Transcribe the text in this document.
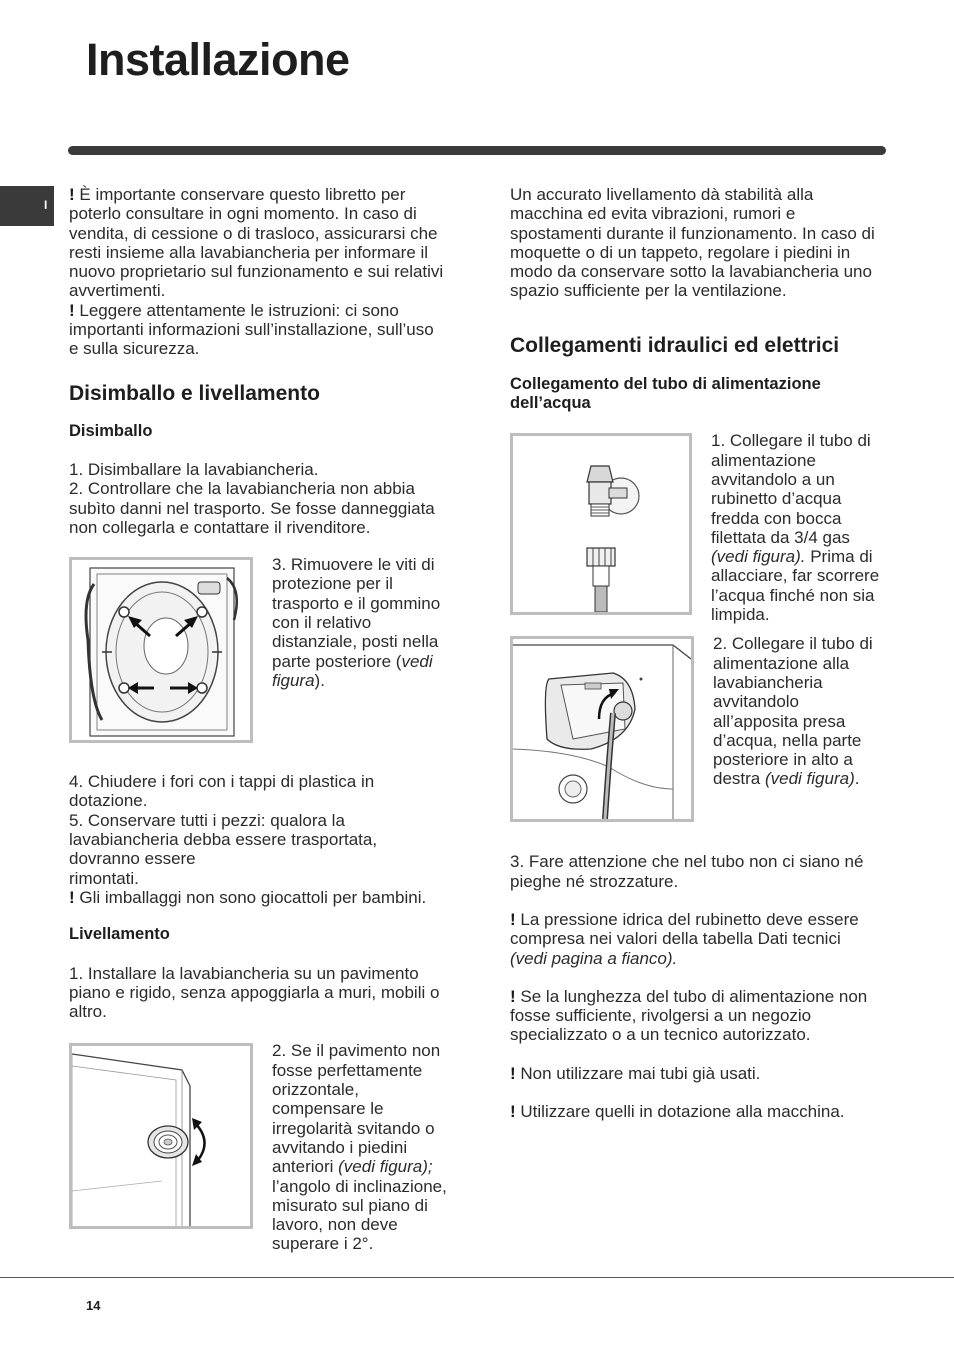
Installazione
I

! È importante conservare questo libretto per poterlo consultare in ogni momento. In caso di vendita, di cessione o di trasloco, assicurarsi che resti insieme alla lavabiancheria per informare il nuovo proprietario sul funzionamento e sui relativi avvertimenti.

! Leggere attentamente le istruzioni: ci sono importanti informazioni sull’installazione, sull’uso e sulla sicurezza.

Disimballo e livellamento
Disimballo

1. Disimballare la lavabiancheria.

2. Controllare che la lavabiancheria non abbia subìto danni nel trasporto. Se fosse danneggiata non collegarla e contattare il rivenditore.

3. Rimuovere le viti di protezione per il trasporto e il gommino con il relativo distanziale, posti nella parte posteriore (vedi figura).

4. Chiudere i fori con i tappi di plastica in dotazione.

5. Conservare tutti i pezzi: qualora la lavabiancheria debba essere trasportata, dovranno essere

rimontati.

! Gli imballaggi non sono giocattoli per bambini.

Livellamento

1. Installare la lavabiancheria su un pavimento piano e rigido, senza appoggiarla a muri, mobili o altro.

2. Se il pavimento non fosse perfettamente orizzontale, compensare le irregolarità svitando o avvitando i piedini anteriori (vedi figura); l’angolo di inclinazione, misurato sul piano di lavoro, non deve superare i 2°.

Un accurato livellamento dà stabilità alla macchina ed evita vibrazioni, rumori e spostamenti durante il funzionamento. In caso di moquette o di un tappeto, regolare i piedini in modo da conservare sotto la lavabiancheria uno spazio sufficiente per la ventilazione.

Collegamenti idraulici ed elettrici
Collegamento del tubo di alimentazione dell’acqua

1. Collegare il tubo di alimentazione avvitandolo a un rubinetto d’acqua fredda con bocca filettata da 3/4 gas (vedi figura). Prima di allacciare, far scorrere l’acqua finché non sia limpida.

2. Collegare il tubo di alimentazione alla lavabiancheria avvitandolo all’apposita presa d’acqua, nella parte posteriore in alto a destra (vedi figura).

3. Fare attenzione che nel tubo non ci siano né pieghe né strozzature.

! La pressione idrica del rubinetto deve essere compresa nei valori della tabella Dati tecnici
(vedi pagina a fianco).

! Se la lunghezza del tubo di alimentazione non fosse sufficiente, rivolgersi a un negozio specializzato o a un tecnico autorizzato.

! Non utilizzare mai tubi già usati.

! Utilizzare quelli in dotazione alla macchina.

14
